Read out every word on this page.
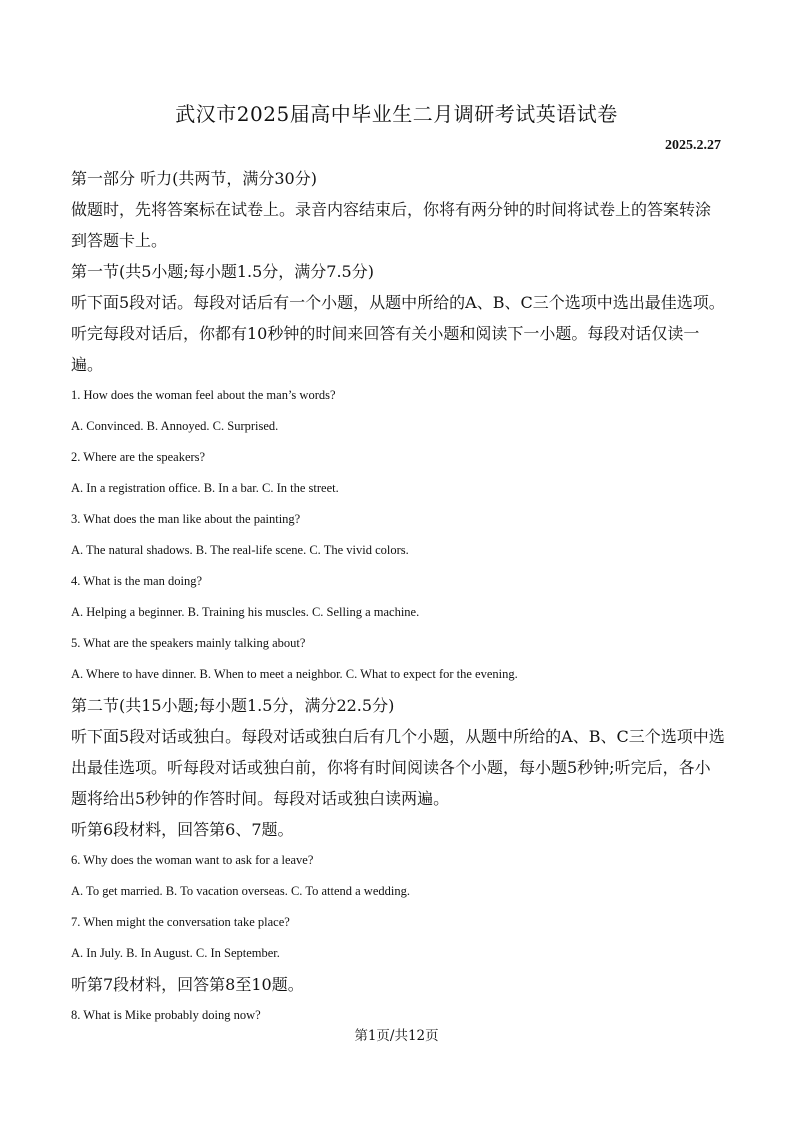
武汉市2025届高中毕业生二月调研考试英语试卷
2025.2.27

第一部分 听力(共两节，满分30分)

做题时，先将答案标在试卷上。录音内容结束后，你将有两分钟的时间将试卷上的答案转涂到答题卡上。

第一节(共5小题;每小题1.5分，满分7.5分)

听下面5段对话。每段对话后有一个小题，从题中所给的A、B、C三个选项中选出最佳选项。听完每段对话后，你都有10秒钟的时间来回答有关小题和阅读下一小题。每段对话仅读一遍。

1. How does the woman feel about the man’s words?

A. Convinced. B. Annoyed. C. Surprised.

2. Where are the speakers?

A. In a registration office. B. In a bar. C. In the street.

3. What does the man like about the painting?

A. The natural shadows. B. The real-life scene. C. The vivid colors.

4. What is the man doing?

A. Helping a beginner. B. Training his muscles. C. Selling a machine.

5. What are the speakers mainly talking about?

A. Where to have dinner. B. When to meet a neighbor. C. What to expect for the evening.

第二节(共15小题;每小题1.5分，满分22.5分)

听下面5段对话或独白。每段对话或独白后有几个小题，从题中所给的A、B、C三个选项中选出最佳选项。听每段对话或独白前，你将有时间阅读各个小题，每小题5秒钟;听完后，各小题将给出5秒钟的作答时间。每段对话或独白读两遍。

听第6段材料，回答第6、7题。

6. Why does the woman want to ask for a leave?

A. To get married. B. To vacation overseas. C. To attend a wedding.

7. When might the conversation take place?

A. In July. B. In August. C. In September.

听第7段材料，回答第8至10题。

8. What is Mike probably doing now?

第1页/共12页
